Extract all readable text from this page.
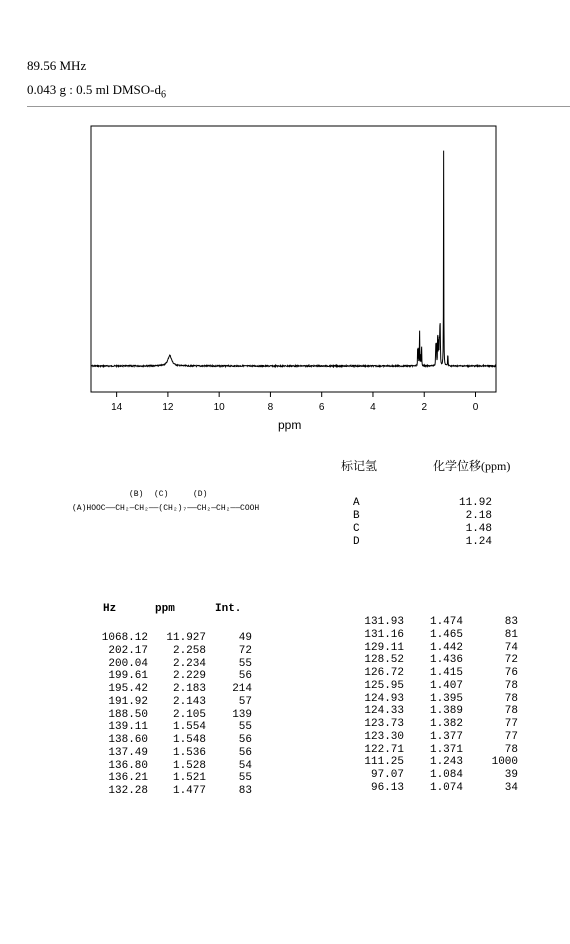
89.56 MHz
0.043 g : 0.5 ml DMSO-$d_6$
14	12	10	8	6	4	2	0
ppm
标记氢	化学位移(ppm)
A	11.92
B	2.18
C	1.48
D	1.24
(B) (C)	(D)
(A)HOOC——CH₂—CH₂——(CH₂)₇——CH₂—CH₂——COOH
Hz	ppm	Int.
1068.12	11.927	49
202.17	2.258	72
200.04	2.234	55
199.61	2.229	56
195.42	2.183	214
191.92	2.143	57
188.50	2.105	139
139.11	1.554	55
138.60	1.548	56
137.49	1.536	56
136.80	1.528	54
136.21	1.521	55
132.28	1.477	83
131.93	1.474	83
131.16	1.465	81
129.11	1.442	74
128.52	1.436	72
126.72	1.415	76
125.95	1.407	78
124.93	1.395	78
124.33	1.389	78
123.73	1.382	77
123.30	1.377	77
122.71	1.371	78
111.25	1.243	1000
97.07	1.084	39
96.13	1.074	34
